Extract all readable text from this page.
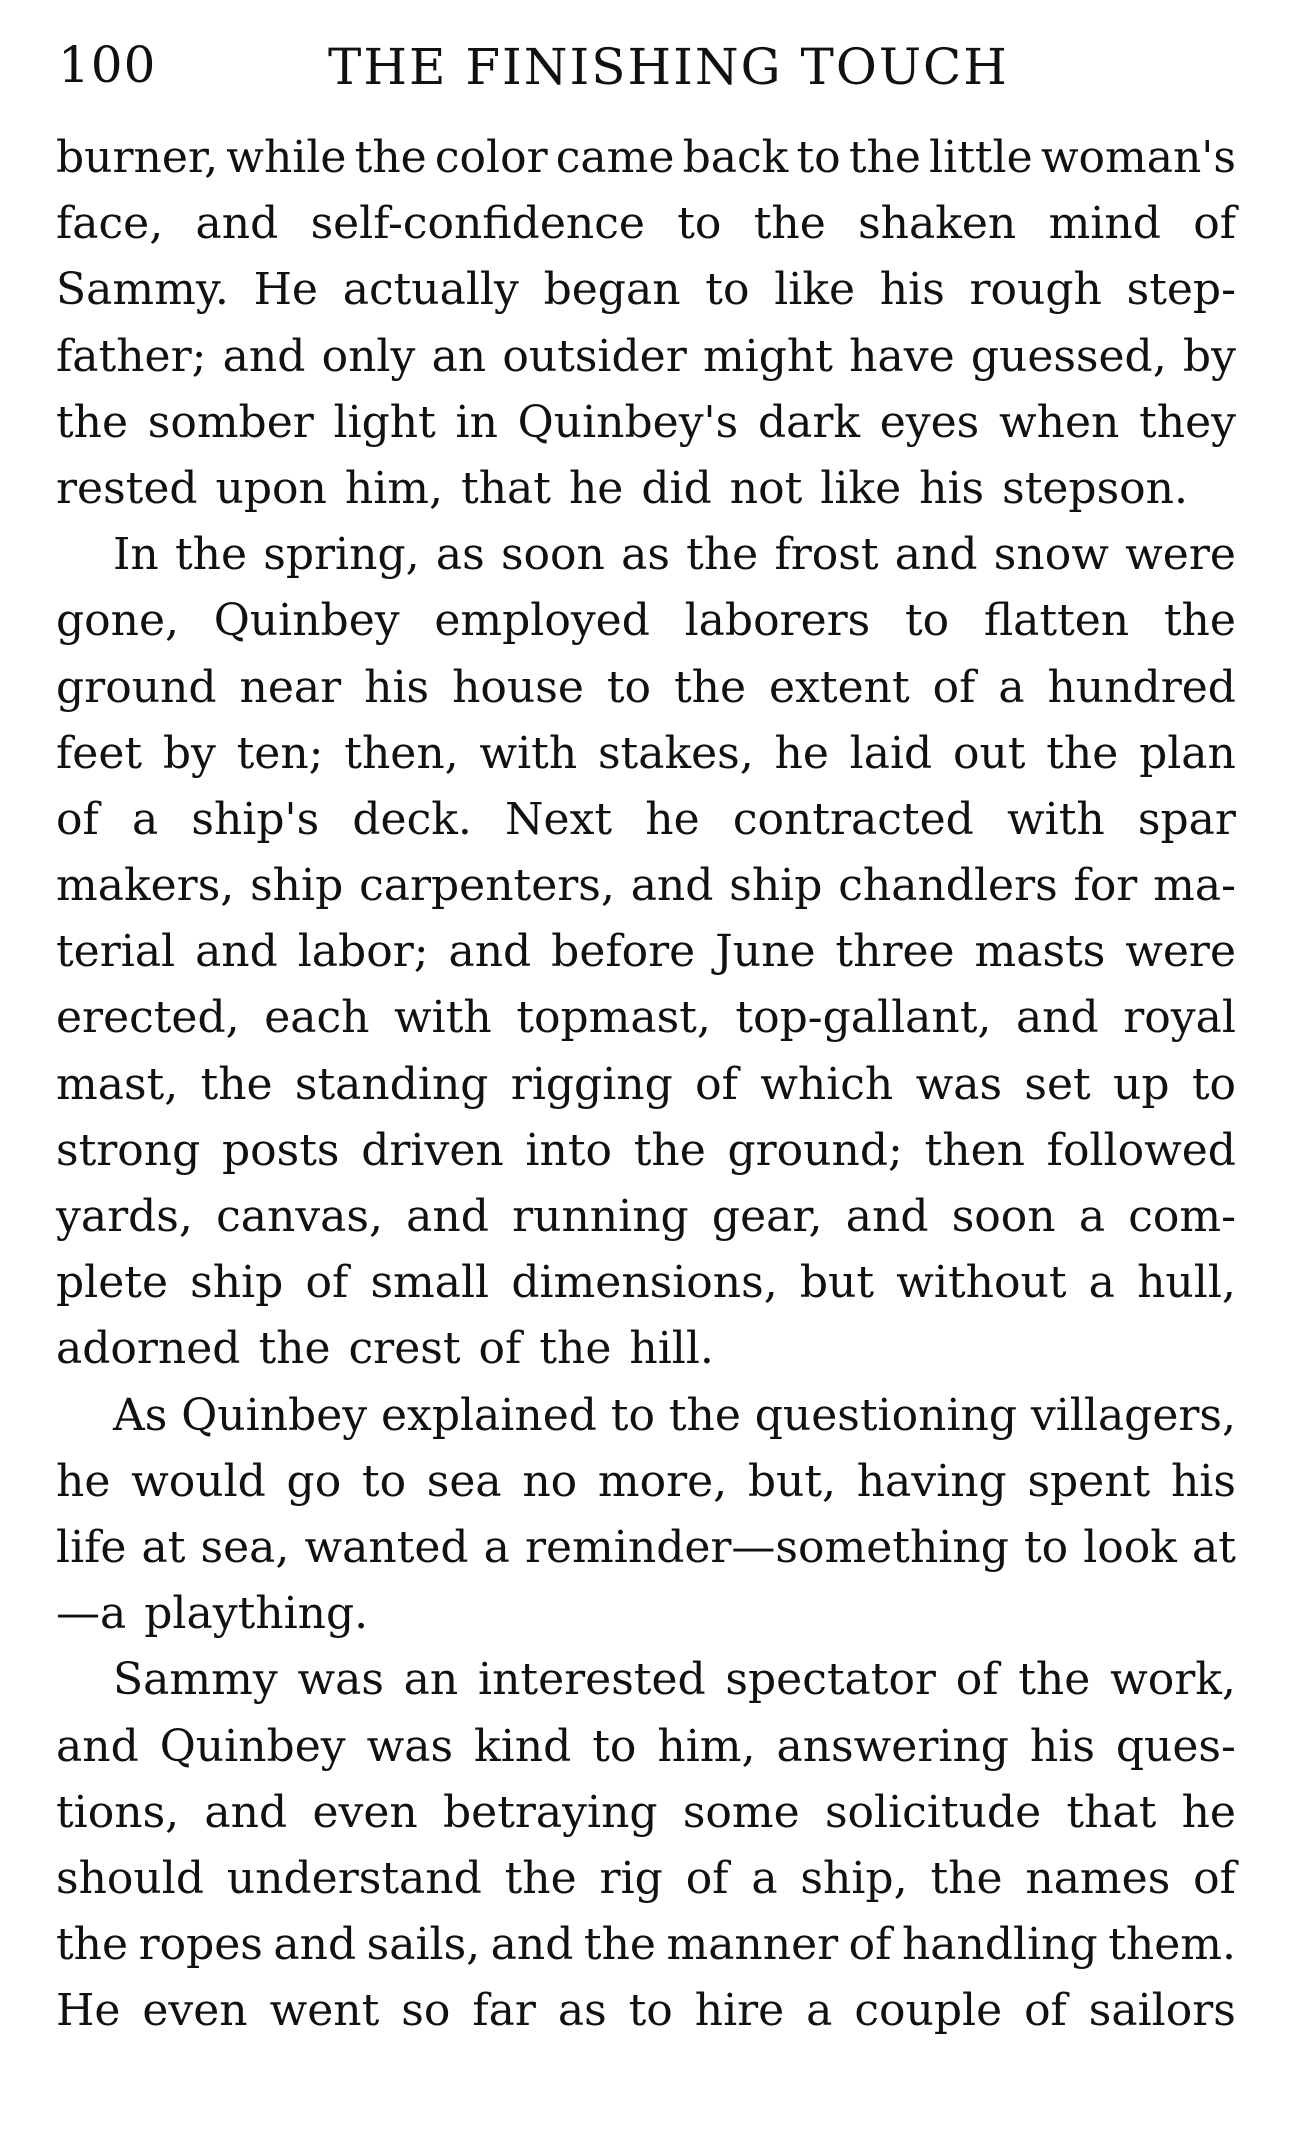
100	THE FINISHING TOUCH
burner, while the color came back to the little woman's
face, and self-confidence to the shaken mind of
Sammy. He actually began to like his rough step-
father; and only an outsider might have guessed, by
the somber light in Quinbey's dark eyes when they
rested upon him, that he did not like his stepson.
In the spring, as soon as the frost and snow were
gone, Quinbey employed laborers to flatten the
ground near his house to the extent of a hundred
feet by ten; then, with stakes, he laid out the plan
of a ship's deck. Next he contracted with spar
makers, ship carpenters, and ship chandlers for ma-
terial and labor; and before June three masts were
erected, each with topmast, top-gallant, and royal
mast, the standing rigging of which was set up to
strong posts driven into the ground; then followed
yards, canvas, and running gear, and soon a com-
plete ship of small dimensions, but without a hull,
adorned the crest of the hill.
As Quinbey explained to the questioning villagers,
he would go to sea no more, but, having spent his
life at sea, wanted a reminder—something to look at
—a plaything.
Sammy was an interested spectator of the work,
and Quinbey was kind to him, answering his ques-
tions, and even betraying some solicitude that he
should understand the rig of a ship, the names of
the ropes and sails, and the manner of handling them.
He even went so far as to hire a couple of sailors
